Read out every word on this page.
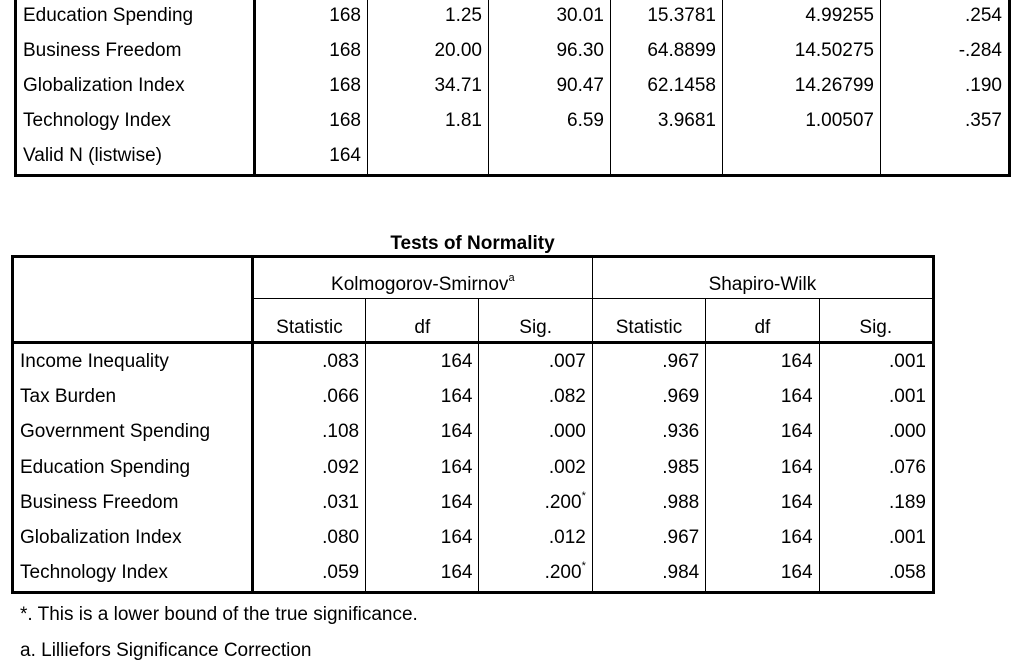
Education Spending	168	1.25	30.01	15.3781	4.99255	.254
Business Freedom	168	20.00	96.30	64.8899	14.50275	-.284
Globalization Index	168	34.71	90.47	62.1458	14.26799	.190
Technology Index	168	1.81	6.59	3.9681	1.00507	.357
Valid N (listwise)	164					
Tests of Normality
	Kolmogorov-Smirnov$^a$			Shapiro-Wilk		
	Statistic	df	Sig.	Statistic	df	Sig.
Income Inequality	.083	164	.007	.967	164	.001
Tax Burden	.066	164	.082	.969	164	.001
Government Spending	.108	164	.000	.936	164	.000
Education Spending	.092	164	.002	.985	164	.076
Business Freedom	.031	164	.200*	.988	164	.189
Globalization Index	.080	164	.012	.967	164	.001
Technology Index	.059	164	.200*	.984	164	.058
*. This is a lower bound of the true significance.
a. Lilliefors Significance Correction
